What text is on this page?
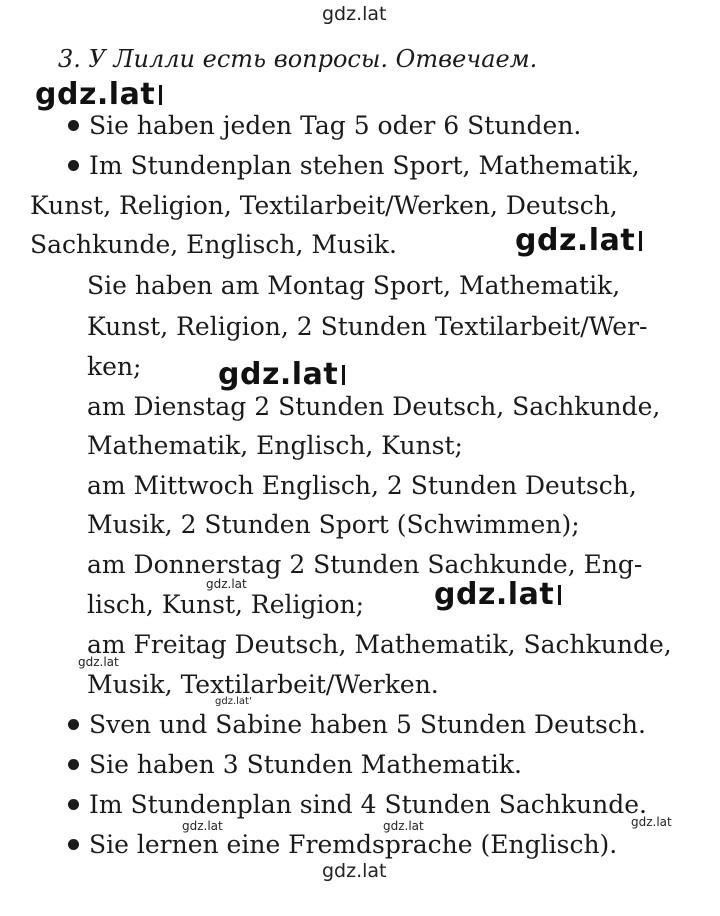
gdz.lat
3. У Лилли есть вопросы. Отвечаем.
gdz.lat
gdz.lat
gdz.lat
gdz.lat
Sie haben jeden Tag 5 oder 6 Stunden.
Im Stundenplan stehen Sport, Mathematik,
Kunst, Religion, Textilarbeit/Werken, Deutsch,
Sachkunde, Englisch, Musik.
Sie haben am Montag Sport, Mathematik,
Kunst, Religion, 2 Stunden Textilarbeit/Wer-
ken;
am Dienstag 2 Stunden Deutsch, Sachkunde,
Mathematik, Englisch, Kunst;
am Mittwoch Englisch, 2 Stunden Deutsch,
Musik, 2 Stunden Sport (Schwimmen);
am Donnerstag 2 Stunden Sachkunde, Eng-
lisch, Kunst, Religion;
am Freitag Deutsch, Mathematik, Sachkunde,
Musik, Textilarbeit/Werken.
Sven und Sabine haben 5 Stunden Deutsch.
Sie haben 3 Stunden Mathematik.
Im Stundenplan sind 4 Stunden Sachkunde.
Sie lernen eine Fremdsprache (Englisch).
gdz.lat
gdz.lat
gdz.lat'
gdz.lat	gdz.lat	gdz.lat
gdz.lat
